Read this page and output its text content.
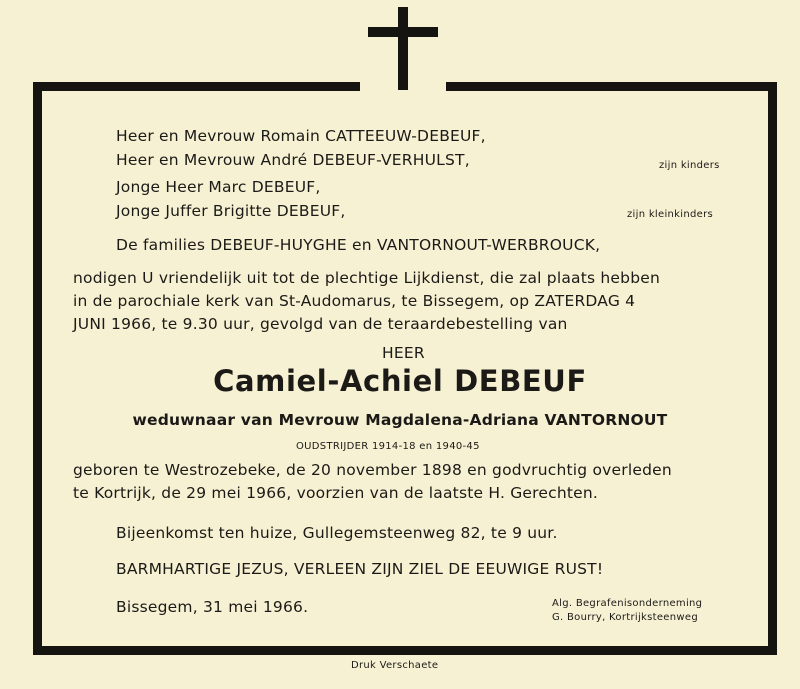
Heer en Mevrouw Romain CATTEEUW-DEBEUF,
Heer en Mevrouw André DEBEUF-VERHULST,	zijn kinders
Jonge Heer Marc DEBEUF,
Jonge Juffer Brigitte DEBEUF,	zijn kleinkinders
De families DEBEUF-HUYGHE en VANTORNOUT-WERBROUCK,
nodigen U vriendelijk uit tot de plechtige Lijkdienst, die zal plaats hebben
in de parochiale kerk van St-Audomarus, te Bissegem, op ZATERDAG 4
JUNI 1966, te 9.30 uur, gevolgd van de teraardebestelling van
HEER
Camiel-Achiel DEBEUF
weduwnaar van Mevrouw Magdalena-Adriana VANTORNOUT
OUDSTRIJDER 1914-18 en 1940-45
geboren te Westrozebeke, de 20 november 1898 en godvruchtig overleden
te Kortrijk, de 29 mei 1966, voorzien van de laatste H. Gerechten.
Bijeenkomst ten huize, Gullegemsteenweg 82, te 9 uur.
BARMHARTIGE JEZUS, VERLEEN ZIJN ZIEL DE EEUWIGE RUST!
Bissegem, 31 mei 1966.	Alg. Begrafenisonderneming
G. Bourry, Kortrijksteenweg
Druk Verschaete
